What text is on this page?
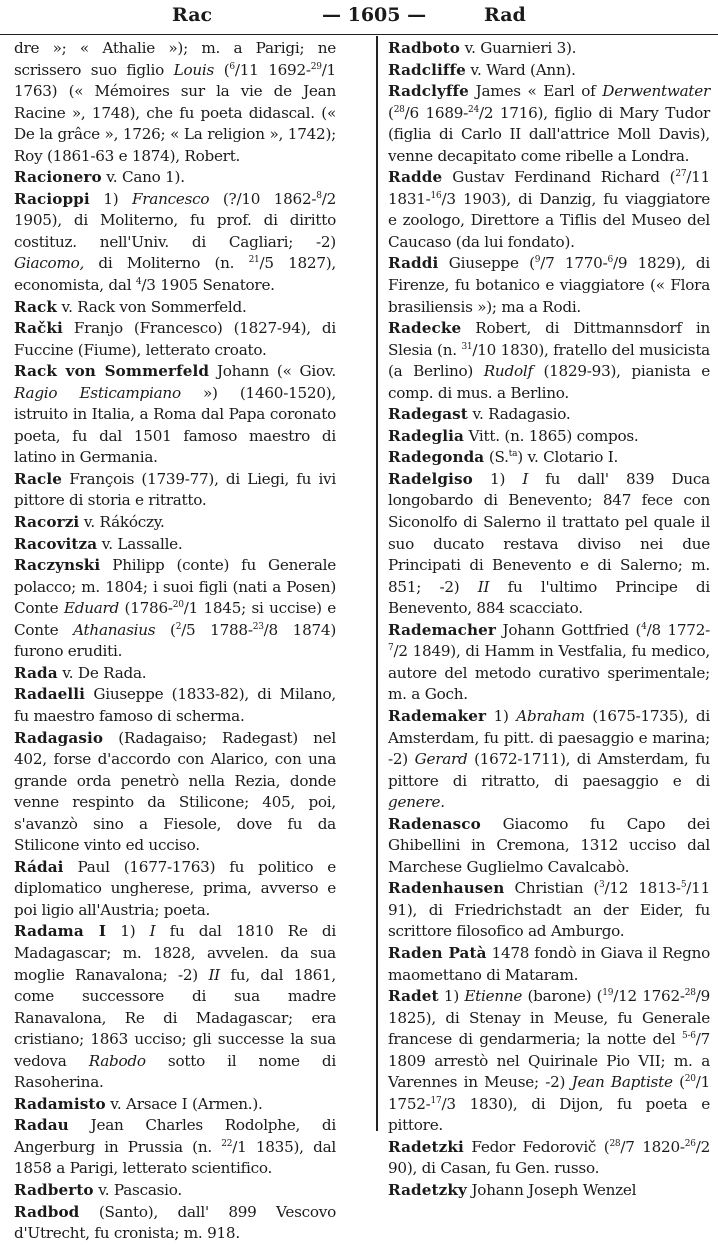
Rac	— 1605 —	Rad

dre »; « Athalie »); m. a Parigi; ne scrissero suo figlio Louis ($^6$/11 1692-$^{29}$/1 1763) (« Mémoires sur la vie de Jean Racine », 1748), che fu poeta didascal. (« De la grâce », 1726; « La religion », 1742); Roy (1861-63 e 1874), Robert.

Racionero v. Cano 1).

Racioppi 1) Francesco (?/10 1862-$^8$/2 1905), di Moliterno, fu prof. di diritto costituz. nell'Univ. di Cagliari; -2) Giacomo, di Moliterno (n. $^{21}$/5 1827), economista, dal $^4$/3 1905 Senatore.

Rack v. Rack von Sommerfeld.

Rački Franjo (Francesco) (1827-94), di Fuccine (Fiume), letterato croato.

Rack von Sommerfeld Johann (« Giov. Ragio Esticampiano ») (1460-1520), istruito in Italia, a Roma dal Papa coronato poeta, fu dal 1501 famoso maestro di latino in Germania.

Racle François (1739-77), di Liegi, fu ivi pittore di storia e ritratto.

Racorzi v. Rákóczy.

Racovitza v. Lassalle.

Raczynski Philipp (conte) fu Generale polacco; m. 1804; i suoi figli (nati a Posen) Conte Eduard (1786-$^{20}$/1 1845; si uccise) e Conte Athanasius ($^2$/5 1788-$^{23}$/8 1874) furono eruditi.

Rada v. De Rada.

Radaelli Giuseppe (1833-82), di Milano, fu maestro famoso di scherma.

Radagasio (Radagaiso; Radegast) nel 402, forse d'accordo con Alarico, con una grande orda penetrò nella Rezia, donde venne respinto da Stilicone; 405, poi, s'avanzò sino a Fiesole, dove fu da Stilicone vinto ed ucciso.

Rádai Paul (1677-1763) fu politico e diplomatico ungherese, prima, avverso e poi ligio all'Austria; poeta.

Radama I 1) I fu dal 1810 Re di Madagascar; m. 1828, avvelen. da sua moglie Ranavalona; -2) II fu, dal 1861, come successore di sua madre Ranavalona, Re di Madagascar; era cristiano; 1863 ucciso; gli successe la sua vedova Rabodo sotto il nome di Rasoherina.

Radamisto v. Arsace I (Armen.).

Radau Jean Charles Rodolphe, di Angerburg in Prussia (n. $^{22}$/1 1835), dal 1858 a Parigi, letterato scientifico.

Radberto v. Pascasio.

Radbod (Santo), dall' 899 Vescovo d'Utrecht, fu cronista; m. 918.

Radboto v. Guarnieri 3).

Radcliffe v. Ward (Ann).

Radclyffe James « Earl of Derwentwater ($^{28}$/6 1689-$^{24}$/2 1716), figlio di Mary Tudor (figlia di Carlo II dall'attrice Moll Davis), venne decapitato come ribelle a Londra.

Radde Gustav Ferdinand Richard ($^{27}$/11 1831-$^{16}$/3 1903), di Danzig, fu viaggiatore e zoologo, Direttore a Tiflis del Museo del Caucaso (da lui fondato).

Raddi Giuseppe ($^9$/7 1770-$^6$/9 1829), di Firenze, fu botanico e viaggiatore (« Flora brasiliensis »); ma a Rodi.

Radecke Robert, di Dittmannsdorf in Slesia (n. $^{31}$/10 1830), fratello del musicista (a Berlino) Rudolf (1829-93), pianista e comp. di mus. a Berlino.

Radegast v. Radagasio.

Radeglia Vitt. (n. 1865) compos.

Radegonda (S.$^{ta}$) v. Clotario I.

Radelgiso 1) I fu dall' 839 Duca longobardo di Benevento; 847 fece con Siconolfo di Salerno il trattato pel quale il suo ducato restava diviso nei due Principati di Benevento e di Salerno; m. 851; -2) II fu l'ultimo Principe di Benevento, 884 scacciato.

Rademacher Johann Gottfried ($^4$/8 1772-$^7$/2 1849), di Hamm in Vestfalia, fu medico, autore del metodo curativo sperimentale; m. a Goch.

Rademaker 1) Abraham (1675-1735), di Amsterdam, fu pitt. di paesaggio e marina; -2) Gerard (1672-1711), di Amsterdam, fu pittore di ritratto, di paesaggio e di genere.

Radenasco Giacomo fu Capo dei Ghibellini in Cremona, 1312 ucciso dal Marchese Guglielmo Cavalcabò.

Radenhausen Christian ($^3$/12 1813-$^5$/11 91), di Friedrichstadt an der Eider, fu scrittore filosofico ad Amburgo.

Raden Patà 1478 fondò in Giava il Regno maomettano di Mataram.

Radet 1) Etienne (barone) ($^{19}$/12 1762-$^{28}$/9 1825), di Stenay in Meuse, fu Generale francese di gendarmeria; la notte del $^{5-6}$/7 1809 arrestò nel Quirinale Pio VII; m. a Varennes in Meuse; -2) Jean Baptiste ($^{20}$/1 1752-$^{17}$/3 1830), di Dijon, fu poeta e pittore.

Radetzki Fedor Fedorovič ($^{28}$/7 1820-$^{26}$/2 90), di Casan, fu Gen. russo.

Radetzky Johann Joseph Wenzel
